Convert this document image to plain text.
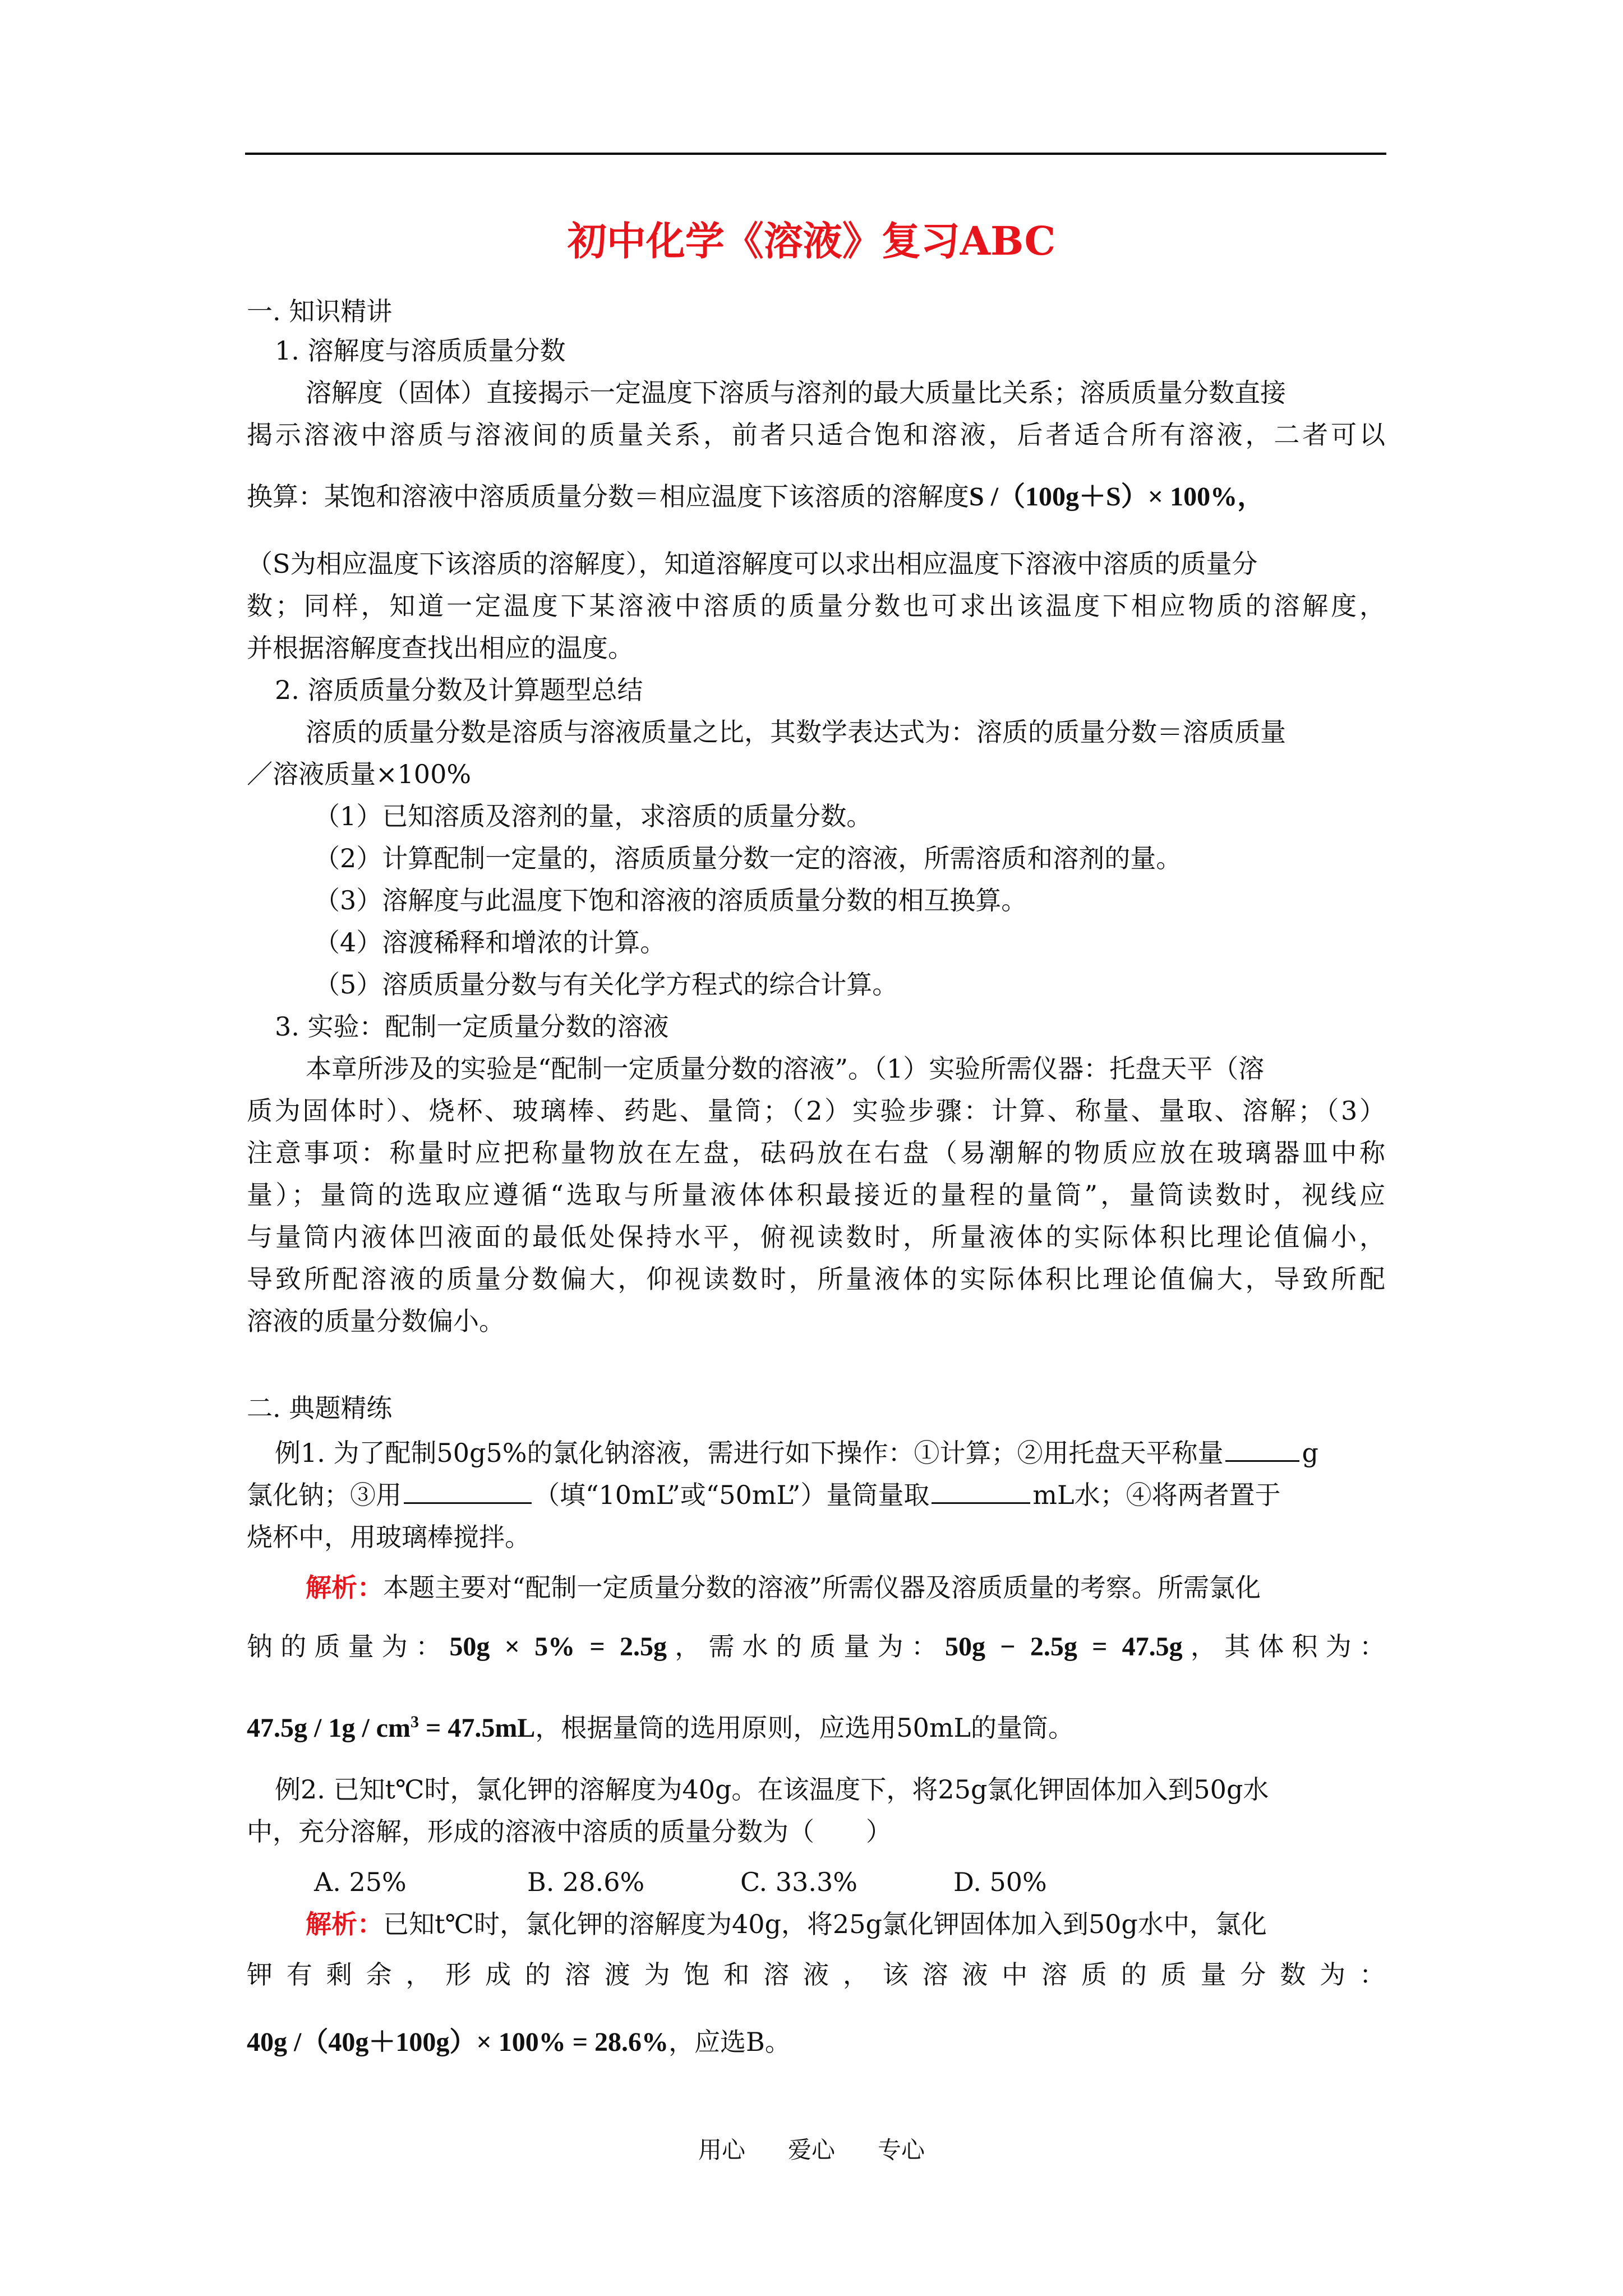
初中化学《溶液》复习ABC
一. 知识精讲
1. 溶解度与溶质质量分数
溶解度（固体）直接揭示一定温度下溶质与溶剂的最大质量比关系；溶质质量分数直接
揭示溶液中溶质与溶液间的质量关系，前者只适合饱和溶液，后者适合所有溶液，二者可以
换算：某饱和溶液中溶质质量分数＝相应温度下该溶质的溶解度S /（100g＋S）× 100%，
（S为相应温度下该溶质的溶解度），知道溶解度可以求出相应温度下溶液中溶质的质量分
数；同样，知道一定温度下某溶液中溶质的质量分数也可求出该温度下相应物质的溶解度，
并根据溶解度查找出相应的温度。
2. 溶质质量分数及计算题型总结
溶质的质量分数是溶质与溶液质量之比，其数学表达式为：溶质的质量分数＝溶质质量
／溶液质量×100%
（1）已知溶质及溶剂的量，求溶质的质量分数。
（2）计算配制一定量的，溶质质量分数一定的溶液，所需溶质和溶剂的量。
（3）溶解度与此温度下饱和溶液的溶质质量分数的相互换算。
（4）溶渡稀释和增浓的计算。
（5）溶质质量分数与有关化学方程式的综合计算。
3. 实验：配制一定质量分数的溶液
本章所涉及的实验是“配制一定质量分数的溶液”。（1）实验所需仪器：托盘天平（溶
质为固体时）、烧杯、玻璃棒、药匙、量筒；（2）实验步骤：计算、称量、量取、溶解；（3）
注意事项：称量时应把称量物放在左盘，砝码放在右盘（易潮解的物质应放在玻璃器皿中称
量）；量筒的选取应遵循“选取与所量液体体积最接近的量程的量筒”，量筒读数时，视线应
与量筒内液体凹液面的最低处保持水平，俯视读数时，所量液体的实际体积比理论值偏小，
导致所配溶液的质量分数偏大，仰视读数时，所量液体的实际体积比理论值偏大，导致所配
溶液的质量分数偏小。
二. 典题精练
例1. 为了配制50g5%的氯化钠溶液，需进行如下操作：①计算；②用托盘天平称量	g
氯化钠；③用	（填“10mL”或“50mL”）量筒量取	mL水；④将两者置于
烧杯中，用玻璃棒搅拌。
解析：本题主要对“配制一定质量分数的溶液”所需仪器及溶质质量的考察。所需氯化
钠的质量为：50g × 5% = 2.5g，需水的质量为：50g − 2.5g = 47.5g，其体积为：
$47.5g / 1g / cm^3 = 47.5mL$，根据量筒的选用原则，应选用50mL的量筒。
例2. 已知t℃时，氯化钾的溶解度为40g。在该温度下，将25g氯化钾固体加入到50g水
中，充分溶解，形成的溶液中溶质的质量分数为（　　）
A. 25%	B. 28.6%	C. 33.3%	D. 50%
解析：已知t℃时，氯化钾的溶解度为40g，将25g氯化钾固体加入到50g水中，氯化
钾有剩余，形成的溶渡为饱和溶液，该溶液中溶质的质量分数为：
40g /（40g＋100g）× 100% = 28.6%，应选B。
用心 爱心 专心
